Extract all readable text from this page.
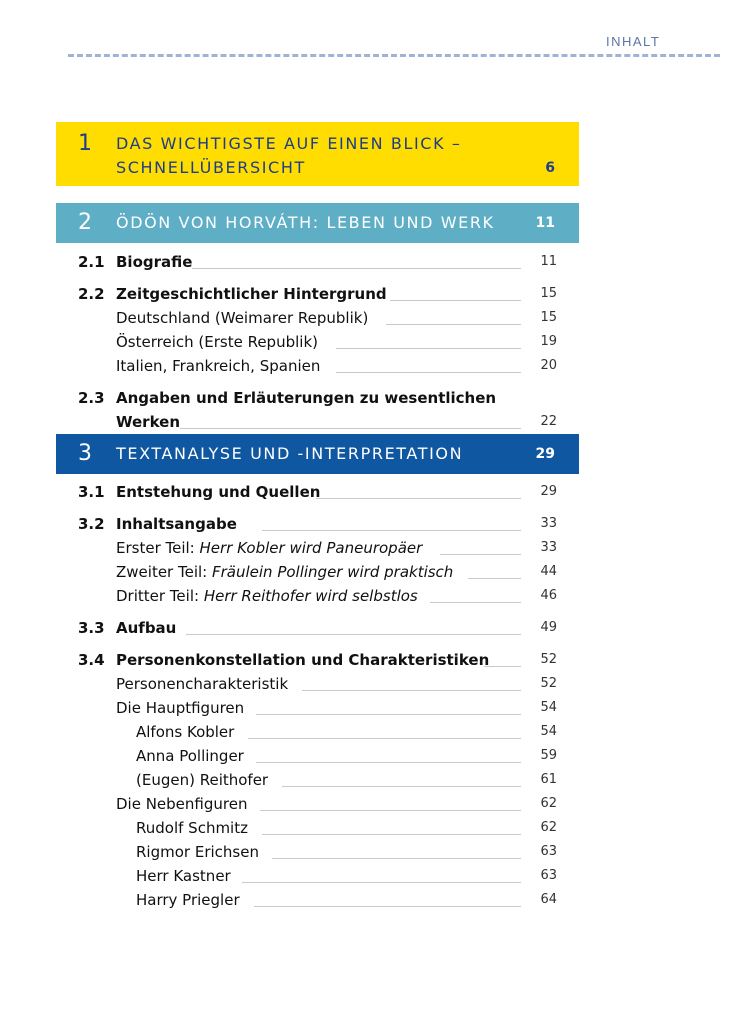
INHALT
1 DAS WICHTIGSTE AUF EINEN BLICK –
SCHNELLÜBERSICHT	6
2 ÖDÖN VON HORVÁTH: LEBEN UND WERK	11
2.1 Biografie	11
2.2 Zeitgeschichtlicher Hintergrund	15
Deutschland (Weimarer Republik)	15
Österreich (Erste Republik)	19
Italien, Frankreich, Spanien	20
2.3 Angaben und Erläuterungen zu wesentlichen
Werken	22
3 TEXTANALYSE UND -INTERPRETATION	29
3.1 Entstehung und Quellen	29
3.2 Inhaltsangabe	33
Erster Teil: Herr Kobler wird Paneuropäer	33
Zweiter Teil: Fräulein Pollinger wird praktisch	44
Dritter Teil: Herr Reithofer wird selbstlos	46
3.3 Aufbau	49
3.4 Personenkonstellation und Charakteristiken	52
Personencharakteristik	52
Die Hauptfiguren	54
Alfons Kobler	54
Anna Pollinger	59
(Eugen) Reithofer	61
Die Nebenfiguren	62
Rudolf Schmitz	62
Rigmor Erichsen	63
Herr Kastner	63
Harry Priegler	64
